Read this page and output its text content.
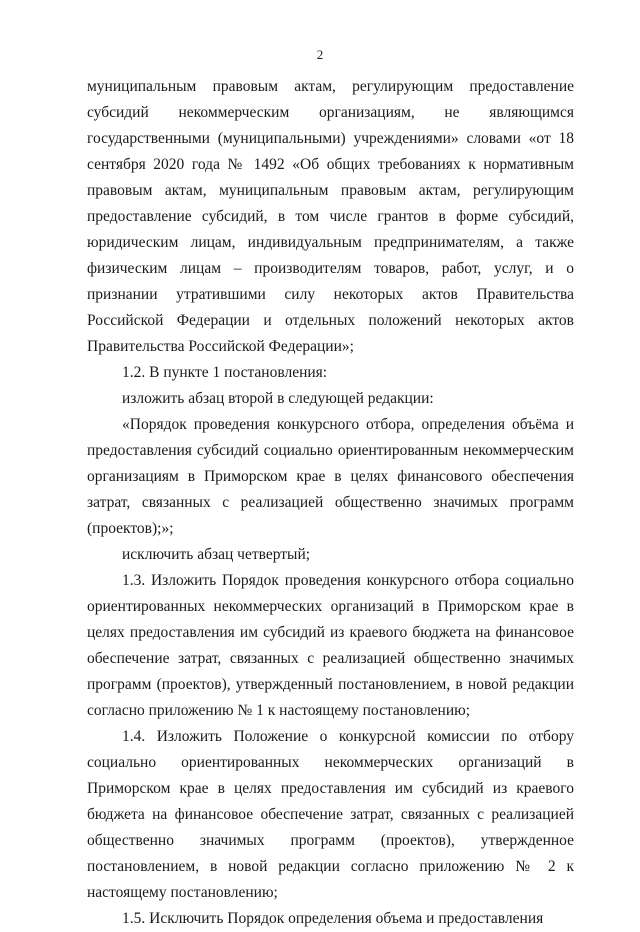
2

муниципальным правовым актам, регулирующим предоставление субсидий некоммерческим организациям, не являющимся государственными (муниципальными) учреждениями» словами «от 18 сентября 2020 года № 1492 «Об общих требованиях к нормативным правовым актам, муниципальным правовым актам, регулирующим предоставление субсидий, в том числе грантов в форме субсидий, юридическим лицам, индивидуальным предпринимателям, а также физическим лицам – производителям товаров, работ, услуг, и о признании утратившими силу некоторых актов Правительства Российской Федерации и отдельных положений некоторых актов Правительства Российской Федерации»;

1.2. В пункте 1 постановления:

изложить абзац второй в следующей редакции:

«Порядок проведения конкурсного отбора, определения объёма и предоставления субсидий социально ориентированным некоммерческим организациям в Приморском крае в целях финансового обеспечения затрат, связанных с реализацией общественно значимых программ (проектов);»;

исключить абзац четвертый;

1.3. Изложить Порядок проведения конкурсного отбора социально ориентированных некоммерческих организаций в Приморском крае в целях предоставления им субсидий из краевого бюджета на финансовое обеспечение затрат, связанных с реализацией общественно значимых программ (проектов), утвержденный постановлением, в новой редакции согласно приложению № 1 к настоящему постановлению;

1.4. Изложить Положение о конкурсной комиссии по отбору социально ориентированных некоммерческих организаций в Приморском крае в целях предоставления им субсидий из краевого бюджета на финансовое обеспечение затрат, связанных с реализацией общественно значимых программ (проектов), утвержденное постановлением, в новой редакции согласно приложению № 2 к настоящему постановлению;

1.5. Исключить Порядок определения объема и предоставления
